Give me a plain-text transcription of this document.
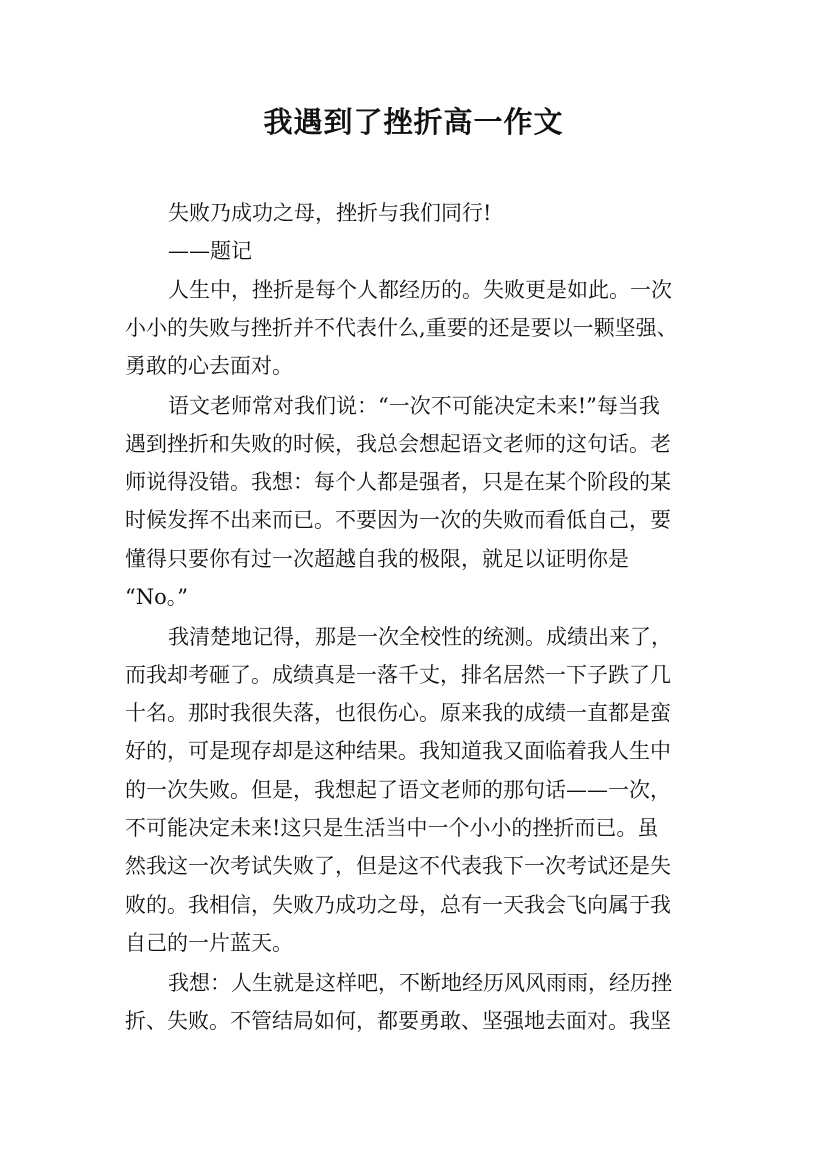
我遇到了挫折高一作文
失败乃成功之母，挫折与我们同行!
——题记
人生中，挫折是每个人都经历的。失败更是如此。一次
小小的失败与挫折并不代表什么,重要的还是要以一颗坚强、
勇敢的心去面对。
语文老师常对我们说：“一次不可能决定未来!”每当我
遇到挫折和失败的时候，我总会想起语文老师的这句话。老
师说得没错。我想：每个人都是强者，只是在某个阶段的某
时候发挥不出来而已。不要因为一次的失败而看低自己，要
懂得只要你有过一次超越自我的极限，就足以证明你是
“No。”
我清楚地记得，那是一次全校性的统测。成绩出来了，
而我却考砸了。成绩真是一落千丈，排名居然一下子跌了几
十名。那时我很失落，也很伤心。原来我的成绩一直都是蛮
好的，可是现存却是这种结果。我知道我又面临着我人生中
的一次失败。但是，我想起了语文老师的那句话——一次，
不可能决定未来!这只是生活当中一个小小的挫折而已。虽
然我这一次考试失败了，但是这不代表我下一次考试还是失
败的。我相信，失败乃成功之母，总有一天我会飞向属于我
自己的一片蓝天。
我想：人生就是这样吧，不断地经历风风雨雨，经历挫
折、失败。不管结局如何，都要勇敢、坚强地去面对。我坚
